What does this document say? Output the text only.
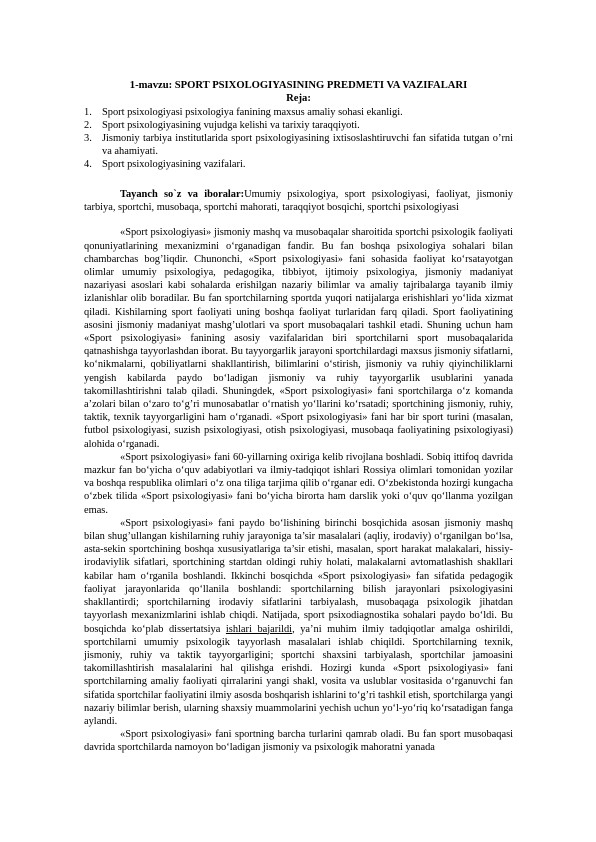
1-mavzu: SPORT PSIXOLOGIYASINING PREDMETI VA VAZIFALARI
Reja:
1. Sport psixologiyasi psixologiya fanining maxsus amaliy sohasi ekanligi.
2. Sport psixologiyasining vujudga kelishi va tarixiy taraqqiyoti.
3. Jismoniy tarbiya institutlarida sport psixologiyasining ixtisoslashtiruvchi fan sifatida tutgan o’rni va ahamiyati.
4. Sport psixologiyasining vazifalari.

Tayanch so`z va iboralar:Umumiy psixologiya, sport psixologiyasi, faoliyat, jismoniy tarbiya, sportchi, musobaqa, sportchi mahorati, taraqqiyot bosqichi, sportchi psixologiyasi

«Sport psixologiyasi» jismoniy mashq va musobaqalar sharoitida sportchi psixologik faoliyati qonuniyatlarining mexanizmini o‘rganadigan fandir. Bu fan boshqa psixologiya sohalari bilan chambarchas bog’liqdir. Chunonchi, «Sport psixologiyasi» fani sohasida faoliyat ko‘rsatayotgan olimlar umumiy psixologiya, pedagogika, tibbiyot, ijtimoiy psixologiya, jismoniy madaniyat nazariyasi asoslari kabi sohalarda erishilgan nazariy bilimlar va amaliy tajribalarga tayanib ilmiy izlanishlar olib boradilar. Bu fan sportchilarning sportda yuqori natijalarga erishishlari yo‘lida xizmat qiladi. Kishilarning sport faoliyati uning boshqa faoliyat turlaridan farq qiladi. Sport faoliyatining asosini jismoniy madaniyat mashg’ulotlari va sport musobaqalari tashkil etadi. Shuning uchun ham «Sport psixologiyasi» fanining asosiy vazifalaridan biri sportchilarni sport musobaqalarida qatnashishga tayyorlashdan iborat. Bu tayyorgarlik jarayoni sportchilardagi maxsus jismoniy sifatlarni, ko‘nikmalarni, qobiliyatlarni shakllantirish, bilimlarini o‘stirish, jismoniy va ruhiy qiyinchiliklarni yengish kabilarda paydo bo‘ladigan jismoniy va ruhiy tayyorgarlik usublarini yanada takomillashtirishni talab qiladi. Shuningdek, «Sport psixologiyasi» fani sportchilarga o‘z komanda a’zolari bilan o‘zaro to‘g’ri munosabatlar o‘rnatish yo‘llarini ko‘rsatadi; sportchining jismoniy, ruhiy, taktik, texnik tayyorgarligini ham o‘rganadi. «Sport psixologiyasi» fani har bir sport turini (masalan, futbol psixologiyasi, suzish psixologiyasi, otish psixologiyasi, musobaqa faoliyatining psixologiyasi) alohida o‘rganadi.

«Sport psixologiyasi» fani 60-yillarning oxiriga kelib rivojlana boshladi. Sobiq ittifoq davrida mazkur fan bo‘yicha o‘quv adabiyotlari va ilmiy-tadqiqot ishlari Rossiya olimlari tomonidan yozilar va boshqa respublika olimlari o‘z ona tiliga tarjima qilib o‘rganar edi. O‘zbekistonda hozirgi kungacha o‘zbek tilida «Sport psixologiyasi» fani bo‘yicha birorta ham darslik yoki o‘quv qo‘llanma yozilgan emas.

«Sport psixologiyasi» fani paydo bo‘lishining birinchi bosqichida asosan jismoniy mashq bilan shug’ullangan kishilarning ruhiy jarayoniga ta’sir masalalari (aqliy, irodaviy) o‘rganilgan bo‘lsa, asta-sekin sportchining boshqa xususiyatlariga ta’sir etishi, masalan, sport harakat malakalari, hissiy-irodaviylik sifatlari, sportchining startdan oldingi ruhiy holati, malakalarni avtomatlashish shakllari kabilar ham o‘rganila boshlandi. Ikkinchi bosqichda «Sport psixologiyasi» fan sifatida pedagogik faoliyat jarayonlarida qo‘llanila boshlandi: sportchilarning bilish jarayonlari psixologiyasini shakllantirdi; sportchilarning irodaviy sifatlarini tarbiyalash, musobaqaga psixologik jihatdan tayyorlash mexanizmlarini ishlab chiqdi. Natijada, sport psixodiagnostika sohalari paydo bo‘ldi. Bu bosqichda ko‘plab dissertatsiya ishlari bajarildi, ya’ni muhim ilmiy tadqiqotlar amalga oshirildi, sportchilarni umumiy psixologik tayyorlash masalalari ishlab chiqildi. Sportchilarning texnik, jismoniy, ruhiy va taktik tayyorgarligini; sportchi shaxsini tarbiyalash, sportchilar jamoasini takomillashtirish masalalarini hal qilishga erishdi. Hozirgi kunda «Sport psixologiyasi» fani sportchilarning amaliy faoliyati qirralarini yangi shakl, vosita va uslublar vositasida o‘rganuvchi fan sifatida sportchilar faoliyatini ilmiy asosda boshqarish ishlarini to‘g’ri tashkil etish, sportchilarga yangi nazariy bilimlar berish, ularning shaxsiy muammolarini yechish uchun yo‘l-yo‘riq ko‘rsatadigan fanga aylandi.

«Sport psixologiyasi» fani sportning barcha turlarini qamrab oladi. Bu fan sport musobaqasi davrida sportchilarda namoyon bo‘ladigan jismoniy va psixologik mahoratni yanada
